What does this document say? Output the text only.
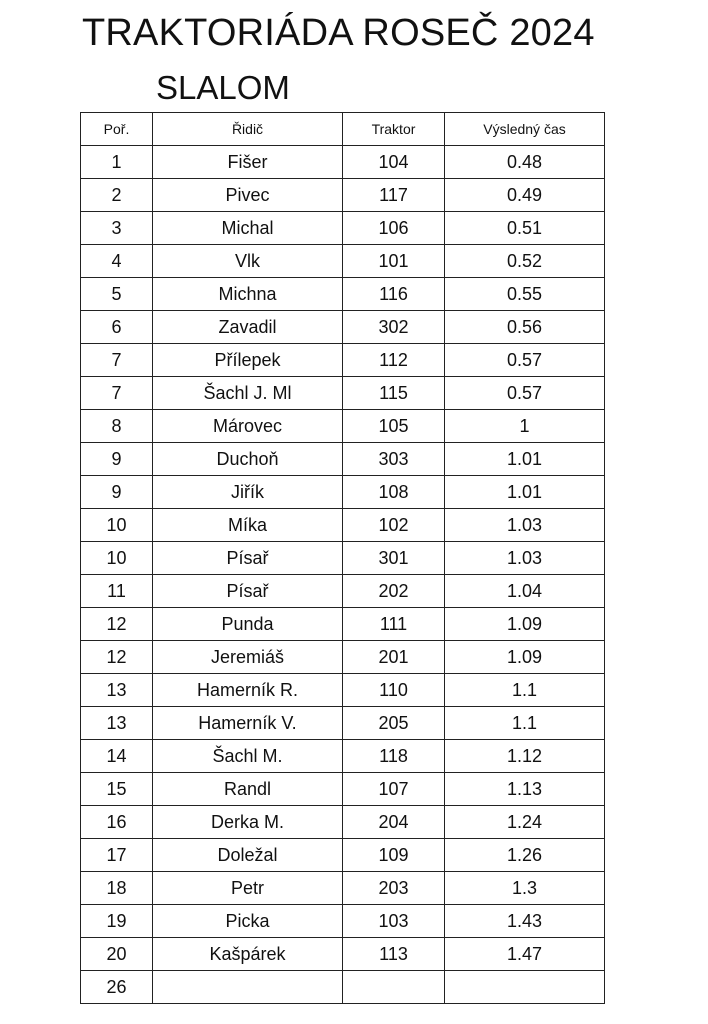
TRAKTORIÁDA ROSEČ 2024
SLALOM
Poř.	Řidič	Traktor	Výsledný čas
1	Fišer	104	0.48
2	Pivec	117	0.49
3	Michal	106	0.51
4	Vlk	101	0.52
5	Michna	116	0.55
6	Zavadil	302	0.56
7	Přílepek	112	0.57
7	Šachl J. Ml	115	0.57
8	Márovec	105	1
9	Duchoň	303	1.01
9	Jiřík	108	1.01
10	Míka	102	1.03
10	Písař	301	1.03
11	Písař	202	1.04
12	Punda	111	1.09
12	Jeremiáš	201	1.09
13	Hamerník R.	110	1.1
13	Hamerník V.	205	1.1
14	Šachl M.	118	1.12
15	Randl	107	1.13
16	Derka M.	204	1.24
17	Doležal	109	1.26
18	Petr	203	1.3
19	Picka	103	1.43
20	Kašpárek	113	1.47
26			
